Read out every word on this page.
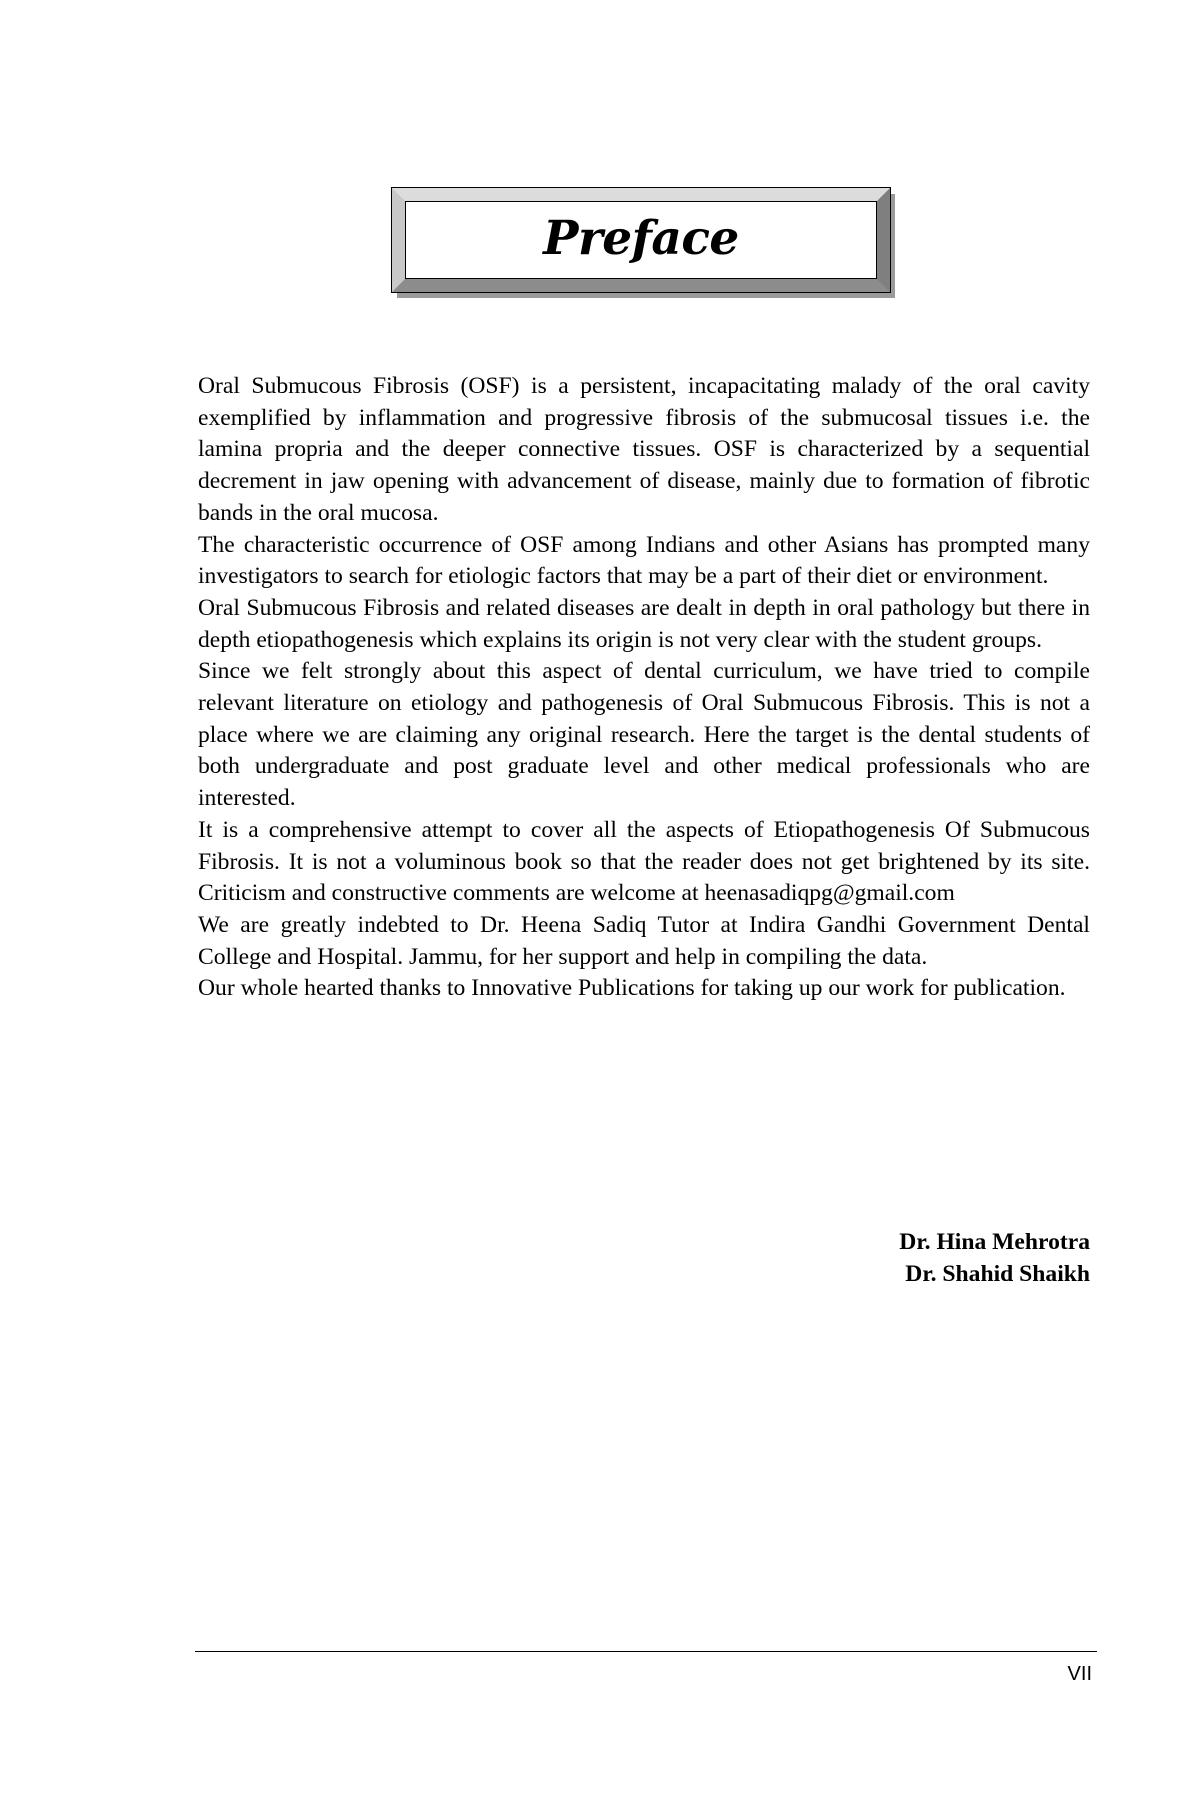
Preface

Oral Submucous Fibrosis (OSF) is a persistent, incapacitating malady of the oral cavity exemplified by inflammation and progressive fibrosis of the submucosal tissues i.e. the lamina propria and the deeper connective tissues. OSF is characterized by a sequential decrement in jaw opening with advancement of disease, mainly due to formation of fibrotic bands in the oral mucosa.

The characteristic occurrence of OSF among Indians and other Asians has prompted many investigators to search for etiologic factors that may be a part of their diet or environment.

Oral Submucous Fibrosis and related diseases are dealt in depth in oral pathology but there in depth etiopathogenesis which explains its origin is not very clear with the student groups.

Since we felt strongly about this aspect of dental curriculum, we have tried to compile relevant literature on etiology and pathogenesis of Oral Submucous Fibrosis. This is not a place where we are claiming any original research. Here the target is the dental students of both undergraduate and post graduate level and other medical professionals who are interested.

It is a comprehensive attempt to cover all the aspects of Etiopathogenesis Of Submucous Fibrosis. It is not a voluminous book so that the reader does not get brightened by its site. Criticism and constructive comments are welcome at heenasadiqpg@gmail.com

We are greatly indebted to Dr. Heena Sadiq Tutor at Indira Gandhi Government Dental College and Hospital. Jammu, for her support and help in compiling the data.

Our whole hearted thanks to Innovative Publications for taking up our work for publication.

Dr. Hina Mehrotra
Dr. Shahid Shaikh
VII
